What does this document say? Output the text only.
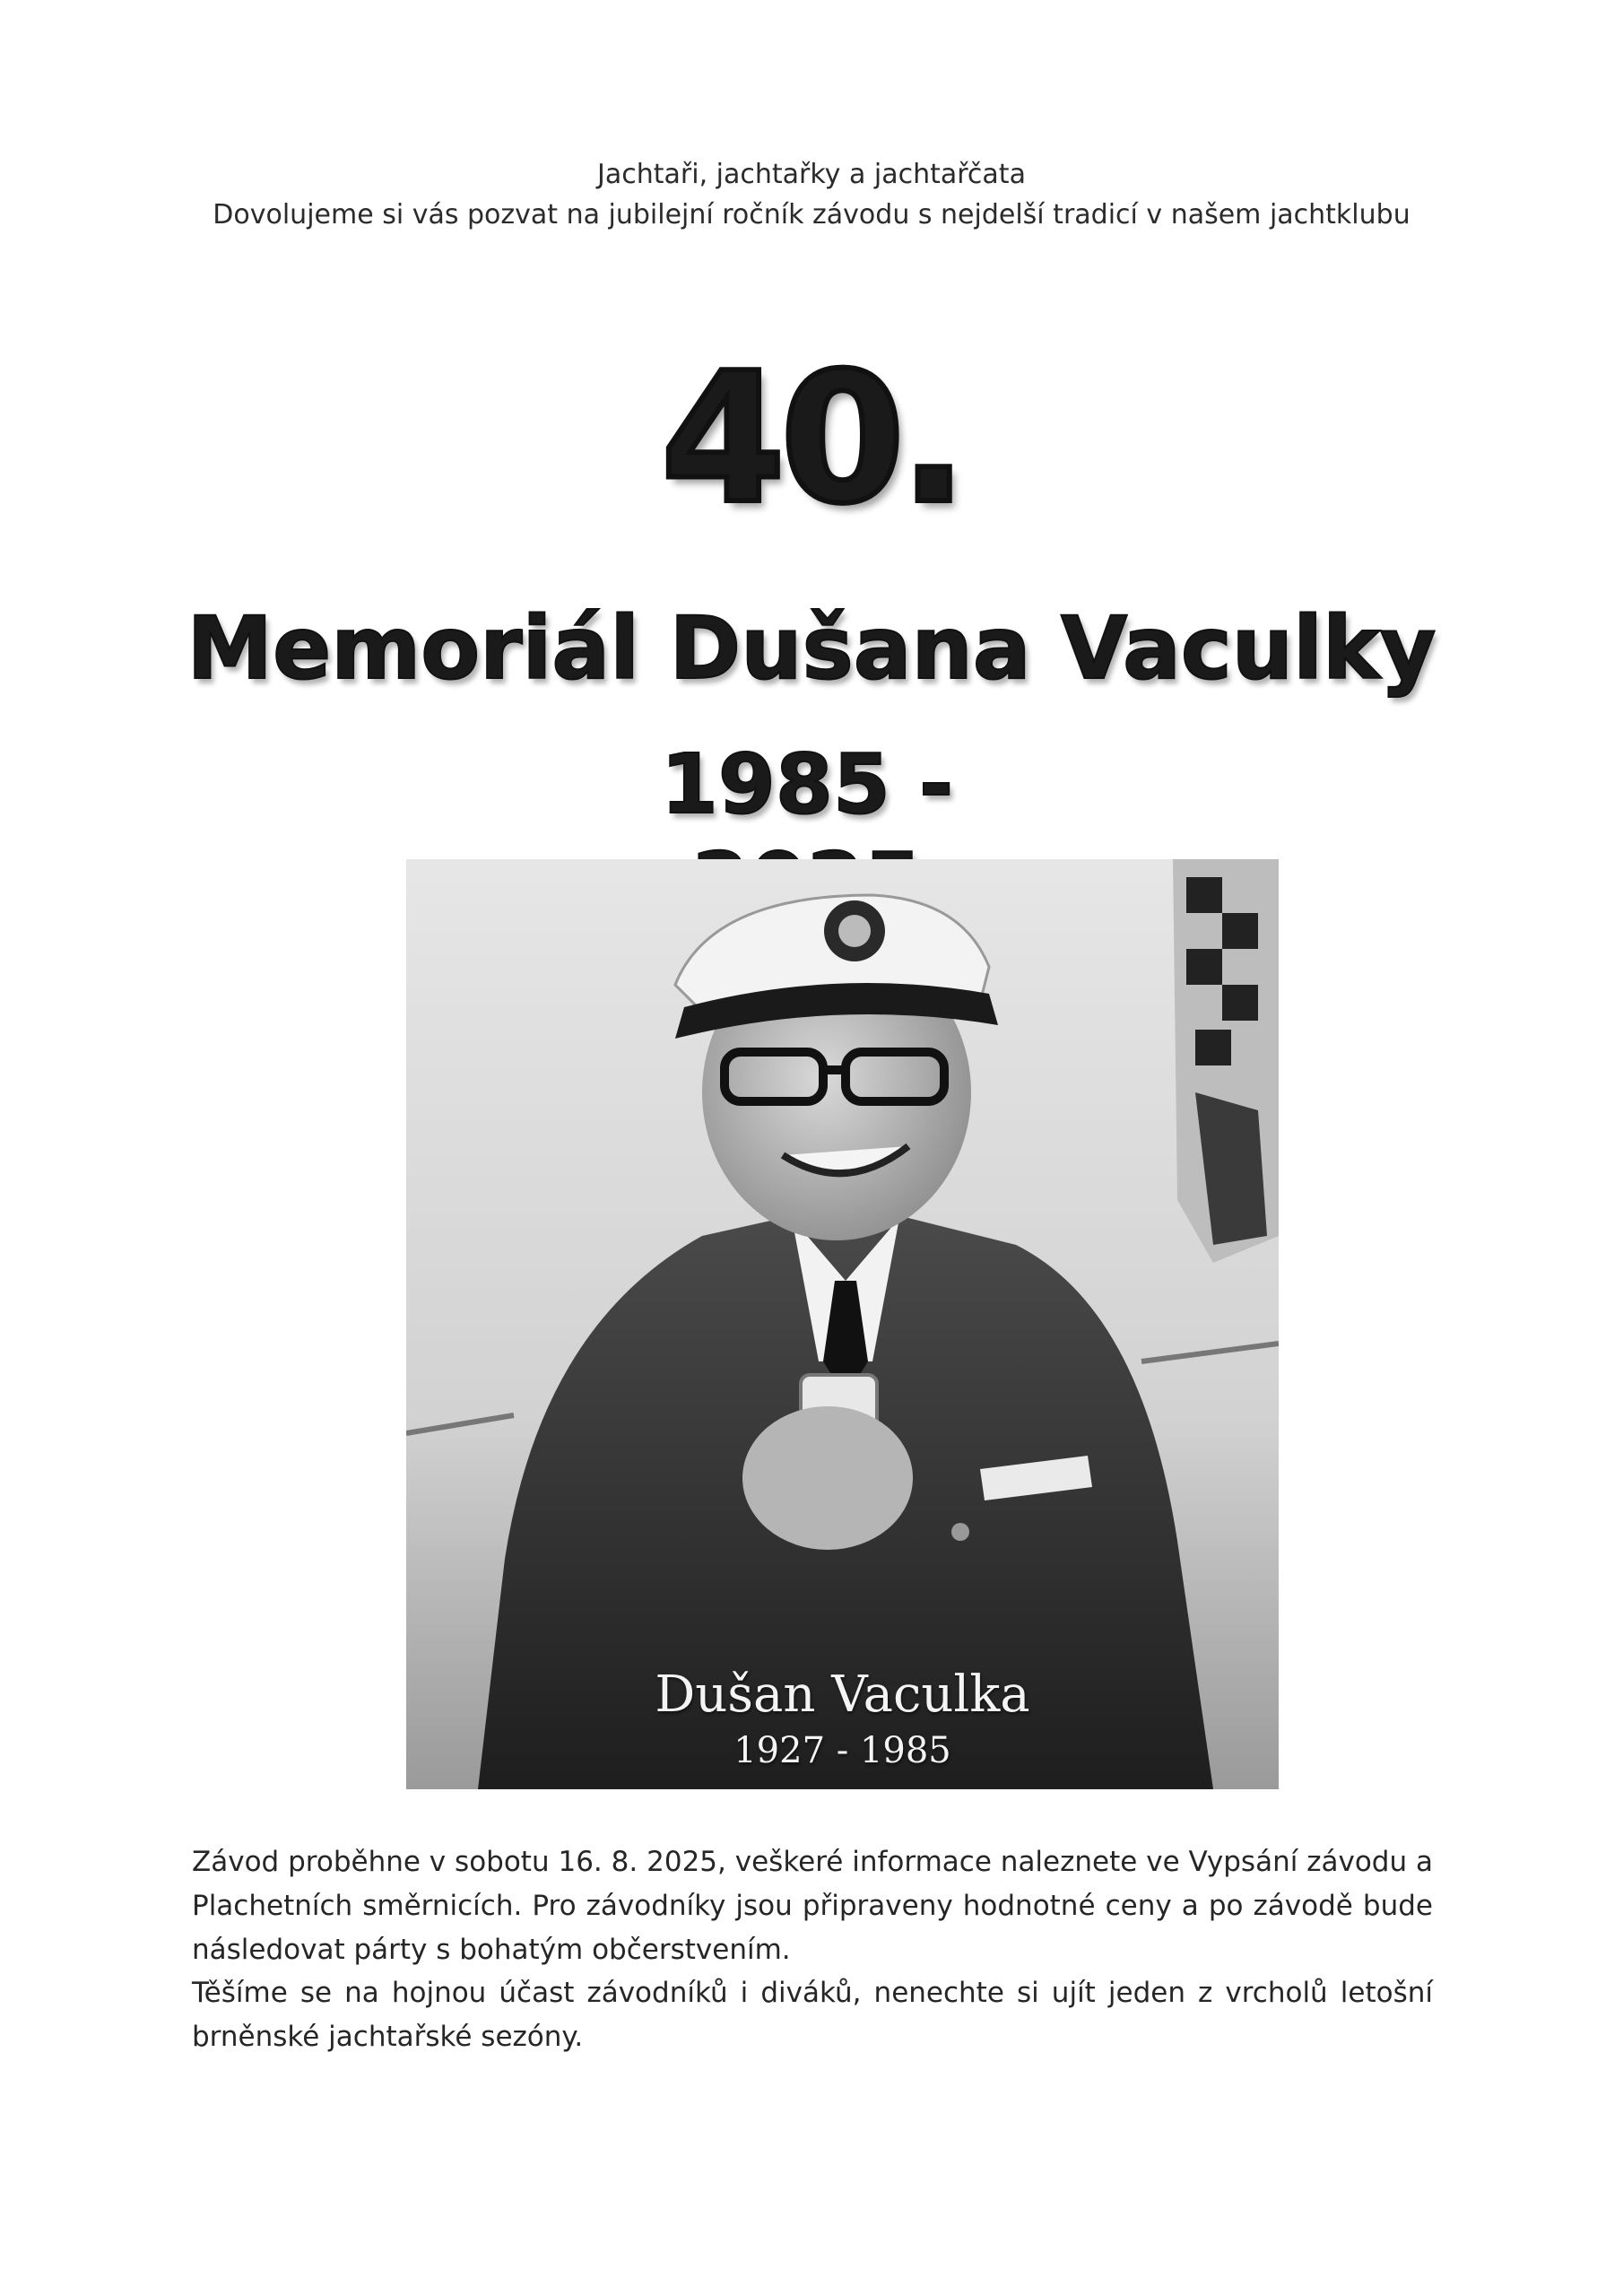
Jachtaři, jachtařky a jachtařčata
Dovolujeme si vás pozvat na jubilejní ročník závodu s nejdelší tradicí v našem jachtklubu
40.
Memoriál Dušana Vaculky
1985 -
Dušan Vaculka
1927 - 1985

Závod proběhne v sobotu 16. 8. 2025, veškeré informace naleznete ve Vypsání závodu a Plachetních směrnicích. Pro závodníky jsou připraveny hodnotné ceny a po závodě bude následovat párty s bohatým občerstvením.

Těšíme se na hojnou účast závodníků i diváků, nenechte si ujít jeden z vrcholů letošní brněnské jachtařské sezóny.
